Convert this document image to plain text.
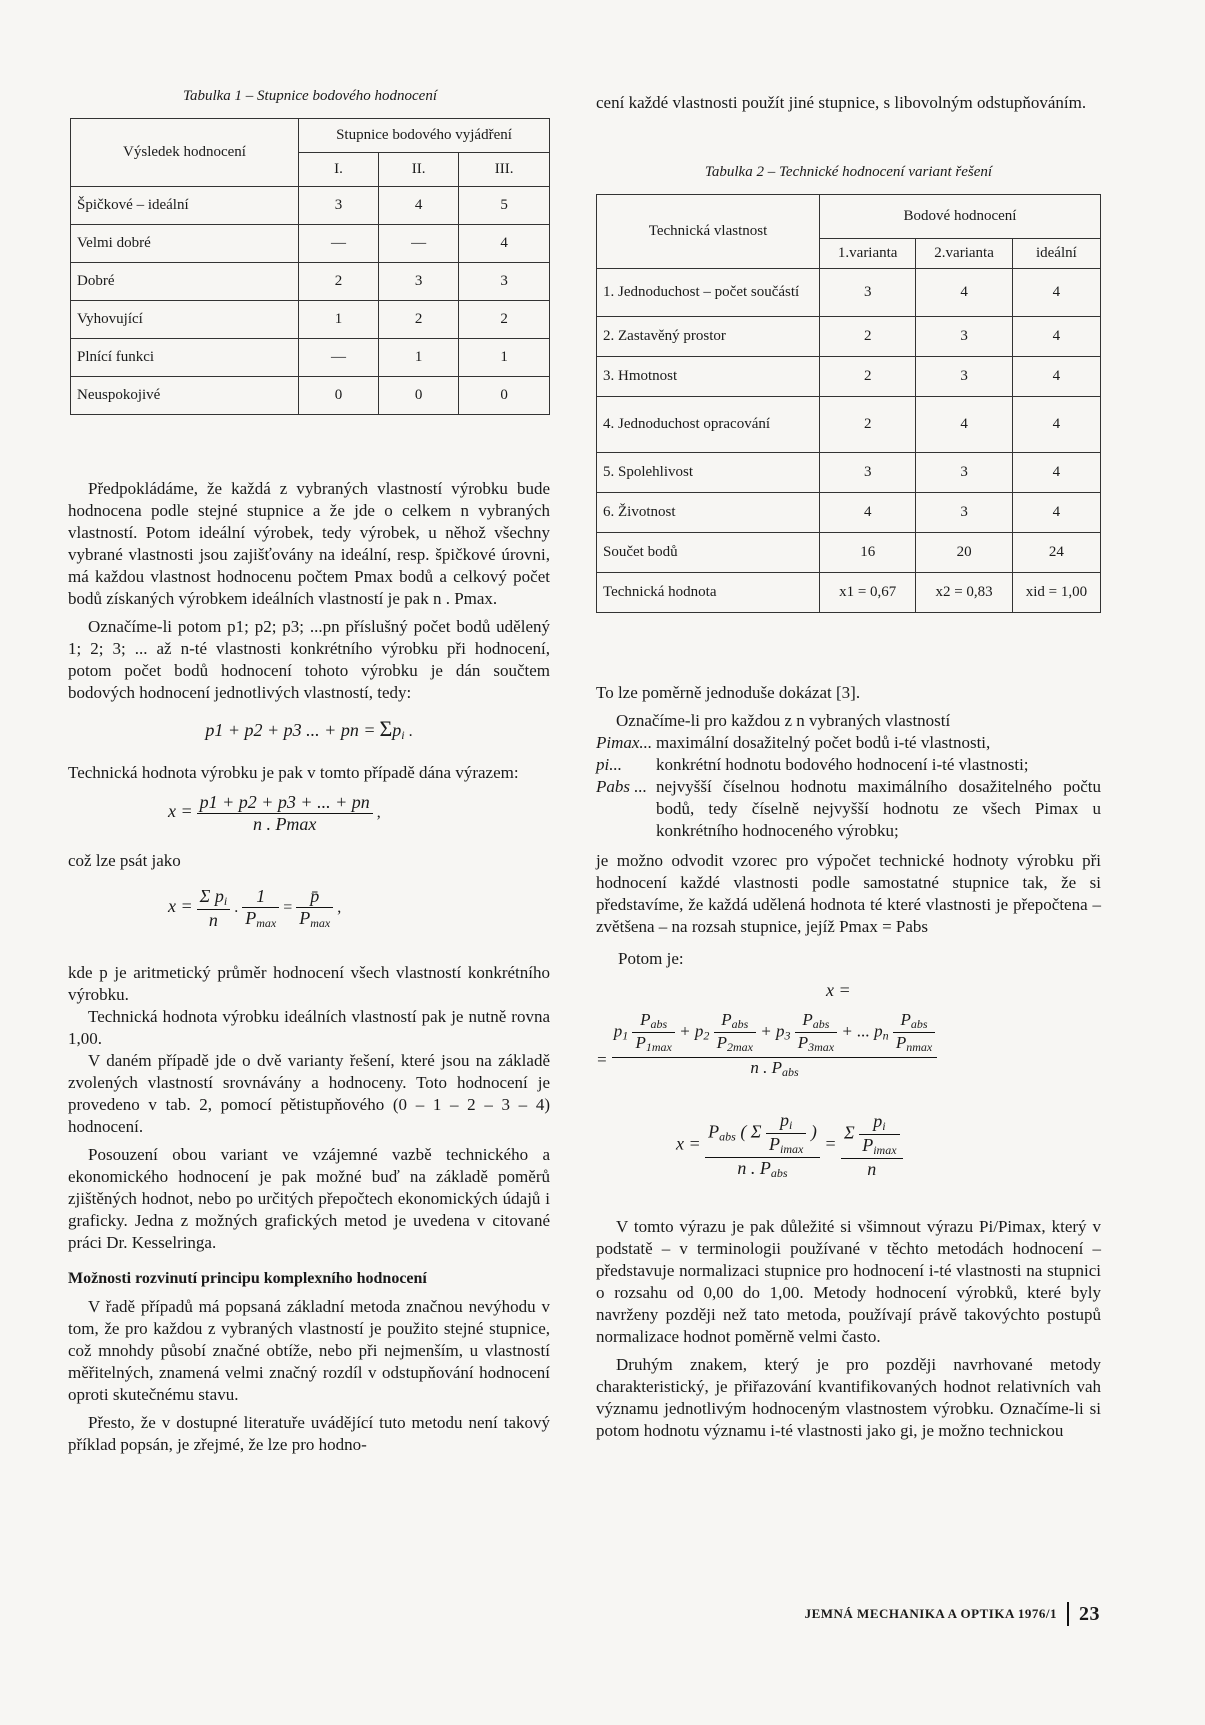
Tabulka 1 – Stupnice bodového hodnocení
Výsledek hodnocení	Stupnice bodového vyjádření		
	I.	II.	III.
Špičkové – ideální	3	4	5
Velmi dobré	—	—	4
Dobré	2	3	3
Vyhovující	1	2	2
Plnící funkci	—	1	1
Neuspokojivé	0	0	0

Předpokládáme, že každá z vybraných vlastností výrobku bude hodnocena podle stejné stupnice a že jde o celkem n vybraných vlastností. Potom ideální výrobek, tedy výrobek, u něhož všechny vybrané vlastnosti jsou zajišťovány na ideální, resp. špičkové úrovni, má každou vlastnost hodnocenu počtem Pmax bodů a celkový počet bodů získaných výrobkem ideálních vlastností je pak n . Pmax.

Označíme-li potom p1; p2; p3; ...pn příslušný počet bodů udělený 1; 2; 3; ... až n-té vlastnosti konkrétního výrobku při hodnocení, potom počet bodů hodnocení tohoto výrobku je dán součtem bodových hodnocení jednotlivých vlastností, tedy:

p1 + p2 + p3 ... + pn = $\Sigma p_i$ .

Technická hodnota výrobku je pak v tomto případě dána výrazem:

$x = \frac{p1 + p2 + p3 + ... + pn}{n . Pmax}$ ,

což lze psát jako

$x = \frac{\Sigma p_i}{n}$ . $\frac{1}{P_{max}} = \frac{p̄}{P_{max}}$ ,

kde p je aritmetický průměr hodnocení všech vlastností konkrétního výrobku.

Technická hodnota výrobku ideálních vlastností pak je nutně rovna 1,00.

V daném případě jde o dvě varianty řešení, které jsou na základě zvolených vlastností srovnávány a hodnoceny. Toto hodnocení je provedeno v tab. 2, pomocí pětistupňového (0 – 1 – 2 – 3 – 4) hodnocení.

Posouzení obou variant ve vzájemné vazbě technického a ekonomického hodnocení je pak možné buď na základě poměrů zjištěných hodnot, nebo po určitých přepočtech ekonomických údajů i graficky. Jedna z možných grafických metod je uvedena v citované práci Dr. Kesselringa.

Možnosti rozvinutí principu komplexního hodnocení

V řadě případů má popsaná základní metoda značnou nevýhodu v tom, že pro každou z vybraných vlastností je použito stejné stupnice, což mnohdy působí značné obtíže, nebo při nejmenším, u vlastností měřitelných, znamená velmi značný rozdíl v odstupňování hodnocení oproti skutečnému stavu.

Přesto, že v dostupné literatuře uvádějící tuto metodu není takový příklad popsán, je zřejmé, že lze pro hodno-

cení každé vlastnosti použít jiné stupnice, s libovolným odstupňováním.

Tabulka 2 – Technické hodnocení variant řešení
Technická vlastnost	Bodové hodnocení		
	1.varianta	2.varianta	ideální
1. Jednoduchost – počet součástí	3	4	4
2. Zastavěný prostor	2	3	4
3. Hmotnost	2	3	4
4. Jednoduchost opracování	2	4	4
5. Spolehlivost	3	3	4
6. Životnost	4	3	4
Součet bodů	16	20	24
Technická hodnota	x1 = 0,67	x2 = 0,83	xid = 1,00

To lze poměrně jednoduše dokázat [3].

Označíme-li pro každou z n vybraných vlastností

Pimax... maximální dosažitelný počet bodů i-té vlastnosti,
pi... konkrétní hodnotu bodového hodnocení i-té vlastnosti;
Pabs ... nejvyšší číselnou hodnotu maximálního dosažitelného počtu bodů, tedy číselně nejvyšší hodnotu ze všech Pimax u konkrétního hodnoceného výrobku;

je možno odvodit vzorec pro výpočet technické hodnoty výrobku při hodnocení každé vlastnosti podle samostatné stupnice tak, že si představíme, že každá udělená hodnota té které vlastnosti je přepočtena – zvětšena – na rozsah stupnice, jejíž Pmax = Pabs

Potom je:

x =
=
$p_1 \frac{P_{abs}}{P_{1max}} + p_2 \frac{P_{abs}}{P_{2max}} + p_3 \frac{P_{abs}}{P_{3max}}$ + ... $p_n \frac{P_{abs}}{P_{nmax}}$
n . $P_{abs}$
$x = \frac{P_{abs} ( \Sigma \frac{p_i}{P_{imax}} )}{n . P_{abs}} = \frac{\Sigma \frac{p_i}{P_{imax}}}{n}$

V tomto výrazu je pak důležité si všimnout výrazu Pi/Pimax, který v podstatě – v terminologii používané v těchto metodách hodnocení – představuje normalizaci stupnice pro hodnocení i-té vlastnosti na stupnici o rozsahu od 0,00 do 1,00. Metody hodnocení výrobků, které byly navrženy později než tato metoda, používají právě takovýchto postupů normalizace hodnot poměrně velmi často.

Druhým znakem, který je pro později navrhované metody charakteristický, je přiřazování kvantifikovaných hodnot relativních vah významu jednotlivým hodnoceným vlastnostem výrobku. Označíme-li si potom hodnotu významu i-té vlastnosti jako gi, je možno technickou

JEMNÁ MECHANIKA A OPTIKA 1976/1 23
